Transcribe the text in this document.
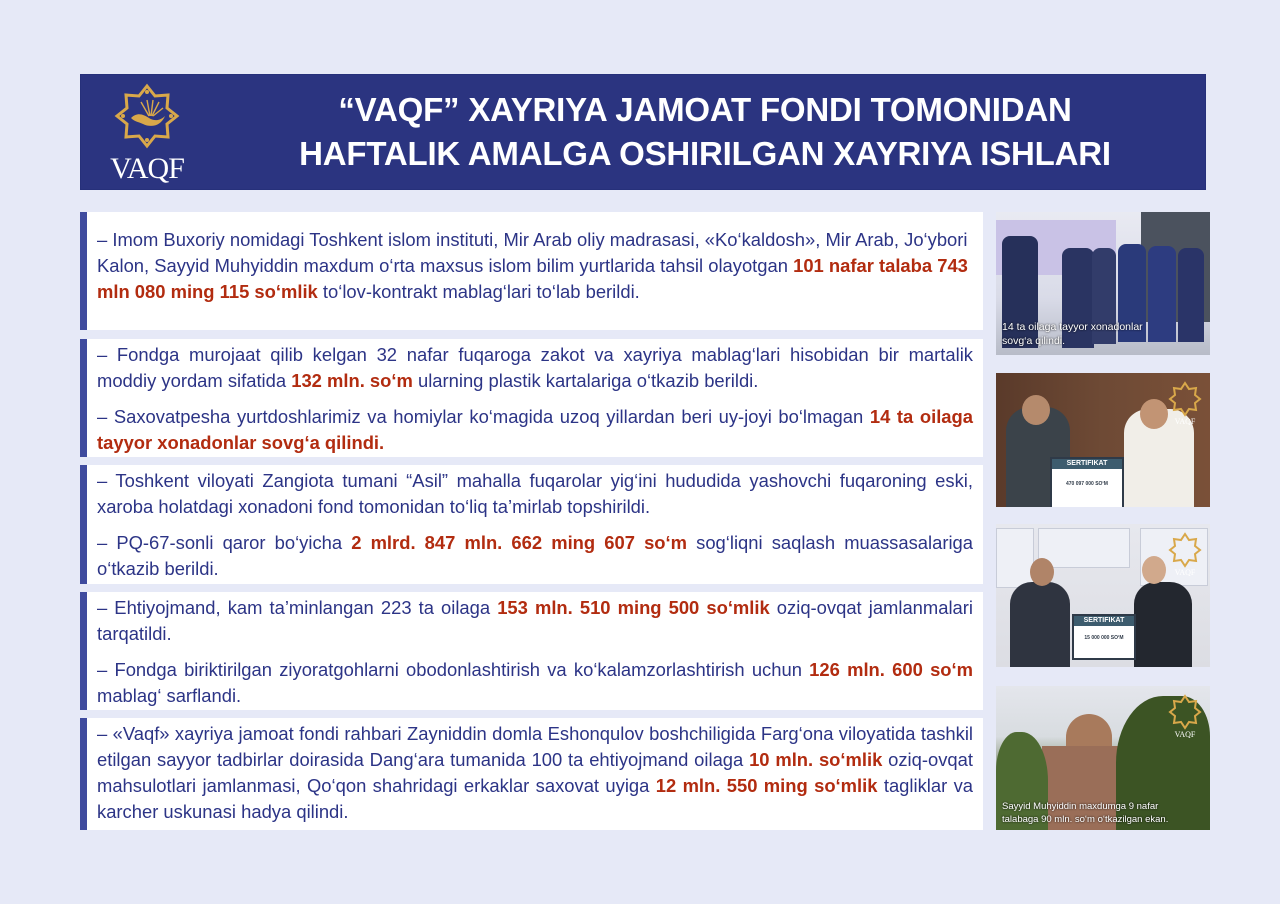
VAQF
“VAQF” XAYRIYA JAMOAT FONDI TOMONIDAN
HAFTALIK AMALGA OSHIRILGAN XAYRIYA ISHLARI

– Imom Buxoriy nomidagi Toshkent islom instituti, Mir Arab oliy madrasasi, «Ko‘kaldosh», Mir Arab, Jo‘ybori Kalon, Sayyid Muhyiddin maxdum o‘rta maxsus islom bilim yurtlarida tahsil olayotgan 101 nafar talaba 743 mln 080 ming 115 so‘mlik to‘lov-kontrakt mablag‘lari to‘lab berildi.

– Fondga murojaat qilib kelgan 32 nafar fuqaroga zakot va xayriya mablag‘lari hisobidan bir martalik moddiy yordam sifatida 132 mln. so‘m ularning plastik kartalariga o‘tkazib berildi.

– Saxovatpesha yurtdoshlarimiz va homiylar ko‘magida uzoq yillardan beri uy-joyi bo‘lmagan 14 ta oilaga tayyor xonadonlar sovg‘a qilindi.

– Toshkent viloyati Zangiota tumani “Asil” mahalla fuqarolar yig‘ini hududida yashovchi fuqaroning eski, xaroba holatdagi xonadoni fond tomonidan to‘liq ta’mirlab topshirildi.

– PQ-67-sonli qaror bo‘yicha 2 mlrd. 847 mln. 662 ming 607 so‘m sog‘liqni saqlash muassasalariga o‘tkazib berildi.

– Ehtiyojmand, kam ta’minlangan 223 ta oilaga 153 mln. 510 ming 500 so‘mlik oziq-ovqat jamlanmalari tarqatildi.

– Fondga biriktirilgan ziyoratgohlarni obodonlashtirish va ko‘kalamzorlashtirish uchun 126 mln. 600 so‘m mablag‘ sarflandi.

– «Vaqf» xayriya jamoat fondi rahbari Zayniddin domla Eshonqulov boshchiligida Farg‘ona viloyatida tashkil etilgan sayyor tadbirlar doirasida Dang‘ara tumanida 100 ta ehtiyojmand oilaga 10 mln. so‘mlik oziq-ovqat mahsulotlari jamlanmasi, Qo‘qon shahridagi erkaklar saxovat uyiga 12 mln. 550 ming so‘mlik tagliklar va karcher uskunasi hadya qilindi.

14 ta oilaga tayyor xonadonlar
sovg‘a qilindi.
SERTIFIKAT
470 097 000 SO‘M
VAQF
SERTIFIKAT
15 000 000 SO‘M
VAQF
VAQF
Sayyid Muhyiddin maxdumga 9 nafar
talabaga 90 mln. so‘m o‘tkazilgan ekan.
